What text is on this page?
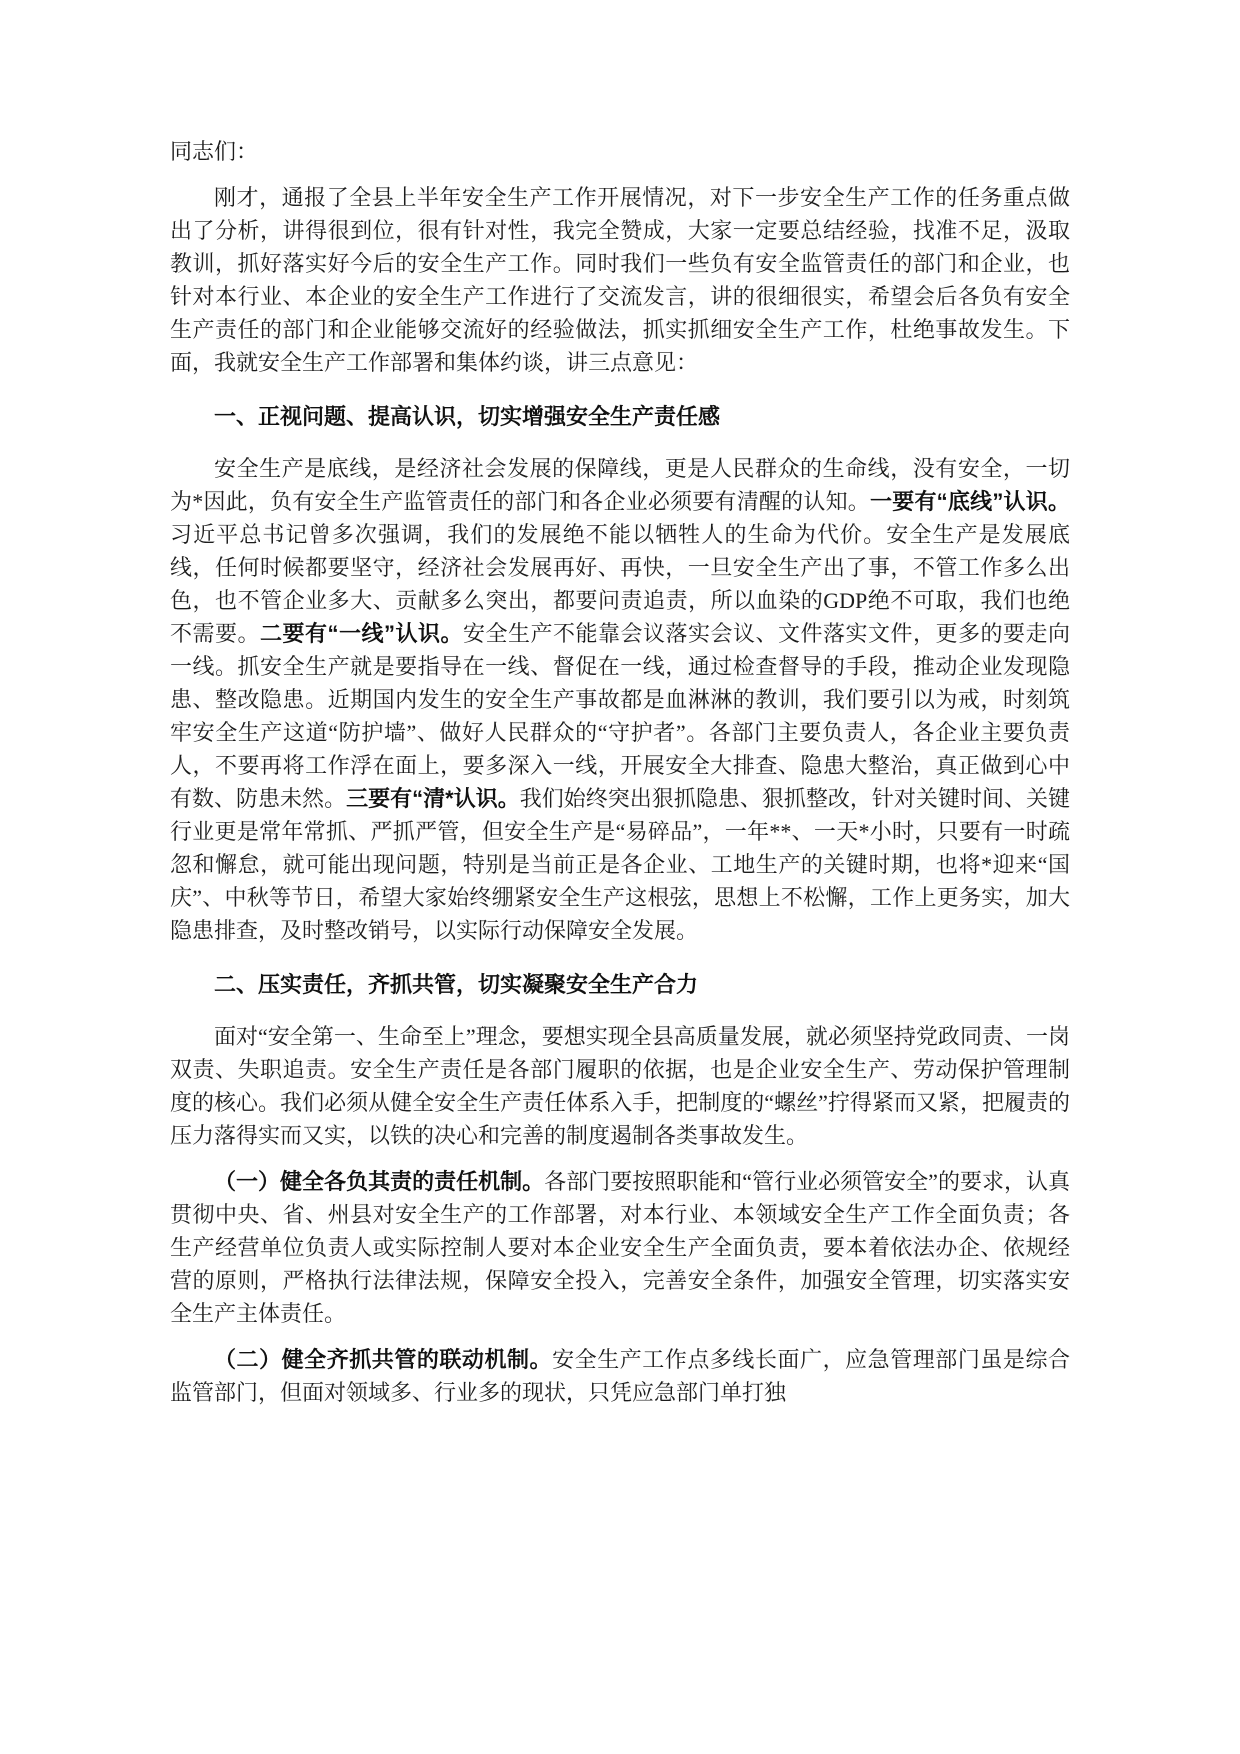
同志们：

刚才，通报了全县上半年安全生产工作开展情况，对下一步安全生产工作的任务重点做出了分析，讲得很到位，很有针对性，我完全赞成，大家一定要总结经验，找准不足，汲取教训，抓好落实好今后的安全生产工作。同时我们一些负有安全监管责任的部门和企业，也针对本行业、本企业的安全生产工作进行了交流发言，讲的很细很实，希望会后各负有安全生产责任的部门和企业能够交流好的经验做法，抓实抓细安全生产工作，杜绝事故发生。下面，我就安全生产工作部署和集体约谈，讲三点意见：

一、正视问题、提高认识，切实增强安全生产责任感

安全生产是底线，是经济社会发展的保障线，更是人民群众的生命线，没有安全，一切为*因此，负有安全生产监管责任的部门和各企业必须要有清醒的认知。一要有“底线”认识。习近平总书记曾多次强调，我们的发展绝不能以牺牲人的生命为代价。安全生产是发展底线，任何时候都要坚守，经济社会发展再好、再快，一旦安全生产出了事，不管工作多么出色，也不管企业多大、贡献多么突出，都要问责追责，所以血染的GDP绝不可取，我们也绝不需要。二要有“一线”认识。安全生产不能靠会议落实会议、文件落实文件，更多的要走向一线。抓安全生产就是要指导在一线、督促在一线，通过检查督导的手段，推动企业发现隐患、整改隐患。近期国内发生的安全生产事故都是血淋淋的教训，我们要引以为戒，时刻筑牢安全生产这道“防护墙”、做好人民群众的“守护者”。各部门主要负责人，各企业主要负责人，不要再将工作浮在面上，要多深入一线，开展安全大排查、隐患大整治，真正做到心中有数、防患未然。三要有“清*认识。我们始终突出狠抓隐患、狠抓整改，针对关键时间、关键行业更是常年常抓、严抓严管，但安全生产是“易碎品”，一年**、一天*小时，只要有一时疏忽和懈怠，就可能出现问题，特别是当前正是各企业、工地生产的关键时期，也将*迎来“国庆”、中秋等节日，希望大家始终绷紧安全生产这根弦，思想上不松懈，工作上更务实，加大隐患排查，及时整改销号，以实际行动保障安全发展。

二、压实责任，齐抓共管，切实凝聚安全生产合力

面对“安全第一、生命至上”理念，要想实现全县高质量发展，就必须坚持党政同责、一岗双责、失职追责。安全生产责任是各部门履职的依据，也是企业安全生产、劳动保护管理制度的核心。我们必须从健全安全生产责任体系入手，把制度的“螺丝”拧得紧而又紧，把履责的压力落得实而又实，以铁的决心和完善的制度遏制各类事故发生。

（一）健全各负其责的责任机制。各部门要按照职能和“管行业必须管安全”的要求，认真贯彻中央、省、州县对安全生产的工作部署，对本行业、本领域安全生产工作全面负责；各生产经营单位负责人或实际控制人要对本企业安全生产全面负责，要本着依法办企、依规经营的原则，严格执行法律法规，保障安全投入，完善安全条件，加强安全管理，切实落实安全生产主体责任。

（二）健全齐抓共管的联动机制。安全生产工作点多线长面广，应急管理部门虽是综合监管部门，但面对领域多、行业多的现状，只凭应急部门单打独
